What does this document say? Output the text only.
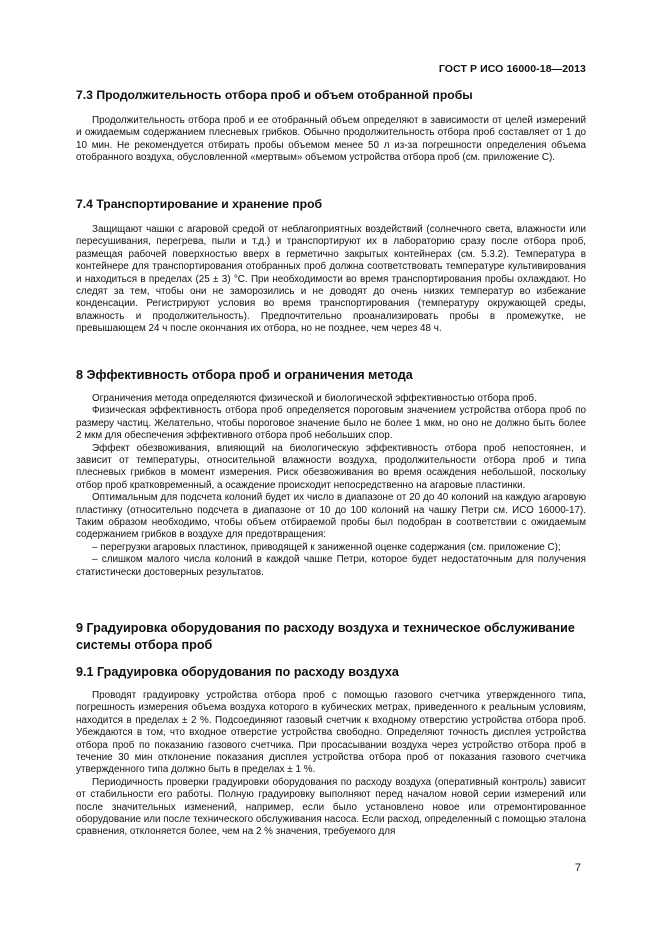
ГОСТ Р ИСО 16000-18—2013
7.3 Продолжительность отбора проб и объем отобранной пробы

Продолжительность отбора проб и ее отобранный объем определяют в зависимости от целей измерений и ожидаемым содержанием плесневых грибков. Обычно продолжительность отбора проб составляет от 1 до 10 мин. Не рекомендуется отбирать пробы объемом менее 50 л из-за погрешности определения объема отобранного воздуха, обусловленной «мертвым» объемом устройства отбора проб (см. приложение С).

7.4 Транспортирование и хранение проб

Защищают чашки с агаровой средой от неблагоприятных воздействий (солнечного света, влажности или пересушивания, перегрева, пыли и т.д.) и транспортируют их в лабораторию сразу после отбора проб, размещая рабочей поверхностью вверх в герметично закрытых контейнерах (см. 5.3.2). Температура в контейнере для транспортирования отобранных проб должна соответствовать температуре культивирования и находиться в пределах (25 ± 3) °С. При необходимости во время транспортирования пробы охлаждают. Но следят за тем, чтобы они не заморозились и не доводят до очень низких температур во избежание конденсации. Регистрируют условия во время транспортирования (температуру окружающей среды, влажность и продолжительность). Предпочтительно проанализировать пробы в промежутке, не превышающем 24 ч после окончания их отбора, но не позднее, чем через 48 ч.

8 Эффективность отбора проб и ограничения метода

Ограничения метода определяются физической и биологической эффективностью отбора проб.

Физическая эффективность отбора проб определяется пороговым значением устройства отбора проб по размеру частиц. Желательно, чтобы пороговое значение было не более 1 мкм, но оно не должно быть более 2 мкм для обеспечения эффективного отбора проб небольших спор.

Эффект обезвоживания, влияющий на биологическую эффективность отбора проб непостоянен, и зависит от температуры, относительной влажности воздуха, продолжительности отбора проб и типа плесневых грибков в момент измерения. Риск обезвоживания во время осаждения небольшой, поскольку отбор проб кратковременный, а осаждение происходит непосредственно на агаровые пластинки.

Оптимальным для подсчета колоний будет их число в диапазоне от 20 до 40 колоний на каждую агаровую пластинку (относительно подсчета в диапазоне от 10 до 100 колоний на чашку Петри см. ИСО 16000-17). Таким образом необходимо, чтобы объем отбираемой пробы был подобран в соответствии с ожидаемым содержанием грибков в воздухе для предотвращения:

– перегрузки агаровых пластинок, приводящей к заниженной оценке содержания (см. приложение С);

– слишком малого числа колоний в каждой чашке Петри, которое будет недостаточным для получения статистически достоверных результатов.

9 Градуировка оборудования по расходу воздуха и техническое обслуживание системы отбора проб
9.1 Градуировка оборудования по расходу воздуха

Проводят градуировку устройства отбора проб с помощью газового счетчика утвержденного типа, погрешность измерения объема воздуха которого в кубических метрах, приведенного к реальным условиям, находится в пределах ± 2 %. Подсоединяют газовый счетчик к входному отверстию устройства отбора проб. Убеждаются в том, что входное отверстие устройства свободно. Определяют точность дисплея устройства отбора проб по показанию газового счетчика. При просасывании воздуха через устройство отбора проб в течение 30 мин отклонение показания дисплея устройства отбора проб от показания газового счетчика утвержденного типа должно быть в пределах ± 1 %.

Периодичность проверки градуировки оборудования по расходу воздуха (оперативный контроль) зависит от стабильности его работы. Полную градуировку выполняют перед началом новой серии измерений или после значительных изменений, например, если было установлено новое или отремонтированное оборудование или после технического обслуживания насоса. Если расход, определенный с помощью эталона сравнения, отклоняется более, чем на 2 % значения, требуемого для

7
